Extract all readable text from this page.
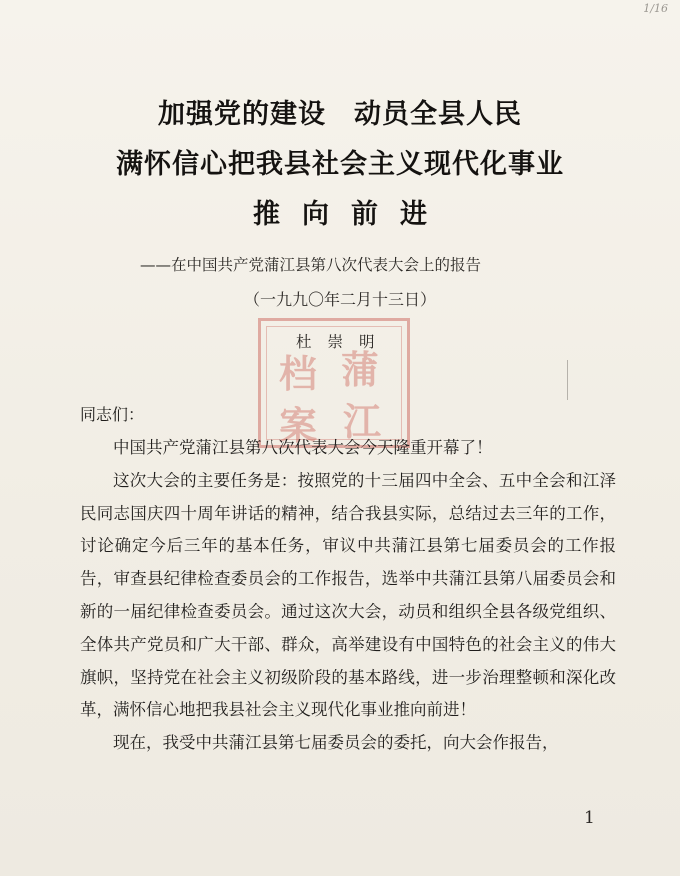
1/16
加强党的建设　动员全县人民
满怀信心把我县社会主义现代化事业
推向前进
——在中国共产党蒲江县第八次代表大会上的报告
（一九九〇年二月十三日）
蒲
江
档
案
杜崇明
同志们：

中国共产党蒲江县第八次代表大会今天隆重开幕了！

这次大会的主要任务是：按照党的十三届四中全会、五中全会和江泽民同志国庆四十周年讲话的精神，结合我县实际，总结过去三年的工作，讨论确定今后三年的基本任务，审议中共蒲江县第七届委员会的工作报告，审查县纪律检查委员会的工作报告，选举中共蒲江县第八届委员会和新的一届纪律检查委员会。通过这次大会，动员和组织全县各级党组织、全体共产党员和广大干部、群众，高举建设有中国特色的社会主义的伟大旗帜，坚持党在社会主义初级阶段的基本路线，进一步治理整顿和深化改革，满怀信心地把我县社会主义现代化事业推向前进！

现在，我受中共蒲江县第七届委员会的委托，向大会作报告，

1
